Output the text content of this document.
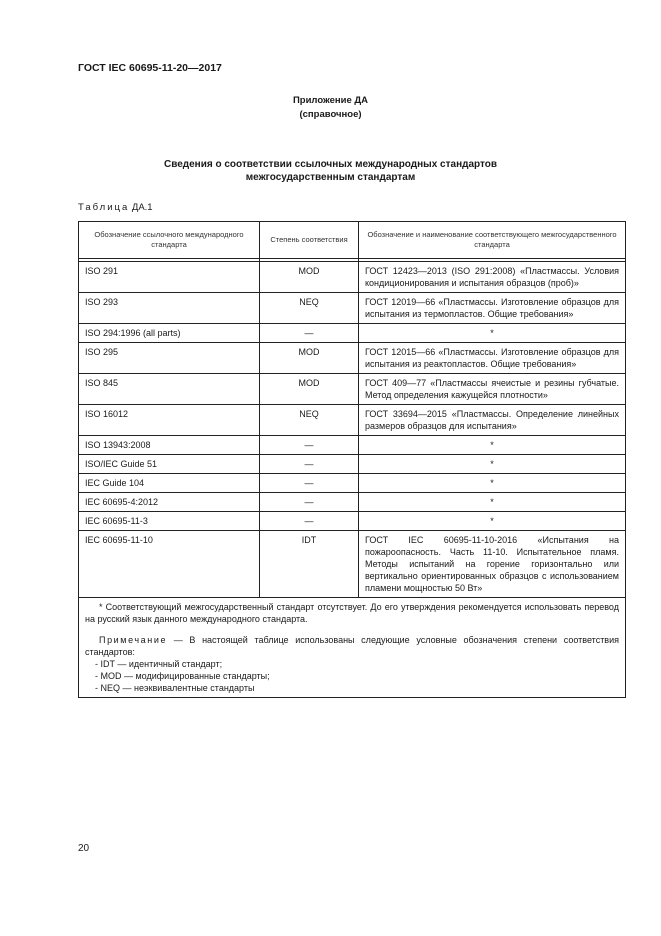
ГОСТ IEC 60695-11-20—2017
Приложение ДА
(справочное)
Сведения о соответствии ссылочных международных стандартов
межгосударственным стандартам
Таблица ДА.1
Обозначение ссылочного международного стандарта	Степень соответствия	Обозначение и наименование соответствующего межгосударственного стандарта

ISO 291	MOD	ГОСТ 12423—2013 (ISO 291:2008) «Пластмассы. Условия кондиционирования и испытания образцов (проб)»
ISO 293	NEQ	ГОСТ 12019—66 «Пластмассы. Изготовление образцов для испытания из термопластов. Общие требования»
ISO 294:1996 (all parts)	—	*
ISO 295	MOD	ГОСТ 12015—66 «Пластмассы. Изготовление образцов для испытания из реактопластов. Общие требования»
ISO 845	MOD	ГОСТ 409—77 «Пластмассы ячеистые и резины губчатые. Метод определения кажущейся плотности»
ISO 16012	NEQ	ГОСТ 33694—2015 «Пластмассы. Определение линейных размеров образцов для испытания»
ISO 13943:2008	—	*
ISO/IEC Guide 51	—	*
IEC Guide 104	—	*
IEC 60695-4:2012	—	*
IEC 60695-11-3	—	*
IEC 60695-11-10	IDT	ГОСТ IEC 60695-11-10-2016 «Испытания на пожароопасность. Часть 11-10. Испытательное пламя. Методы испытаний на горение горизонтально или вертикально ориентированных образцов с использованием пламени мощностью 50 Вт»

* Соответствующий межгосударственный стандарт отсутствует. До его утверждения рекомендуется использовать перевод на русский язык данного международного стандарта.

Примечание — В настоящей таблице использованы следующие условные обозначения степени соответствия стандартов:

- IDT — идентичный стандарт;
- MOD — модифицированные стандарты;
- NEQ — неэквивалентные стандарты		
20
